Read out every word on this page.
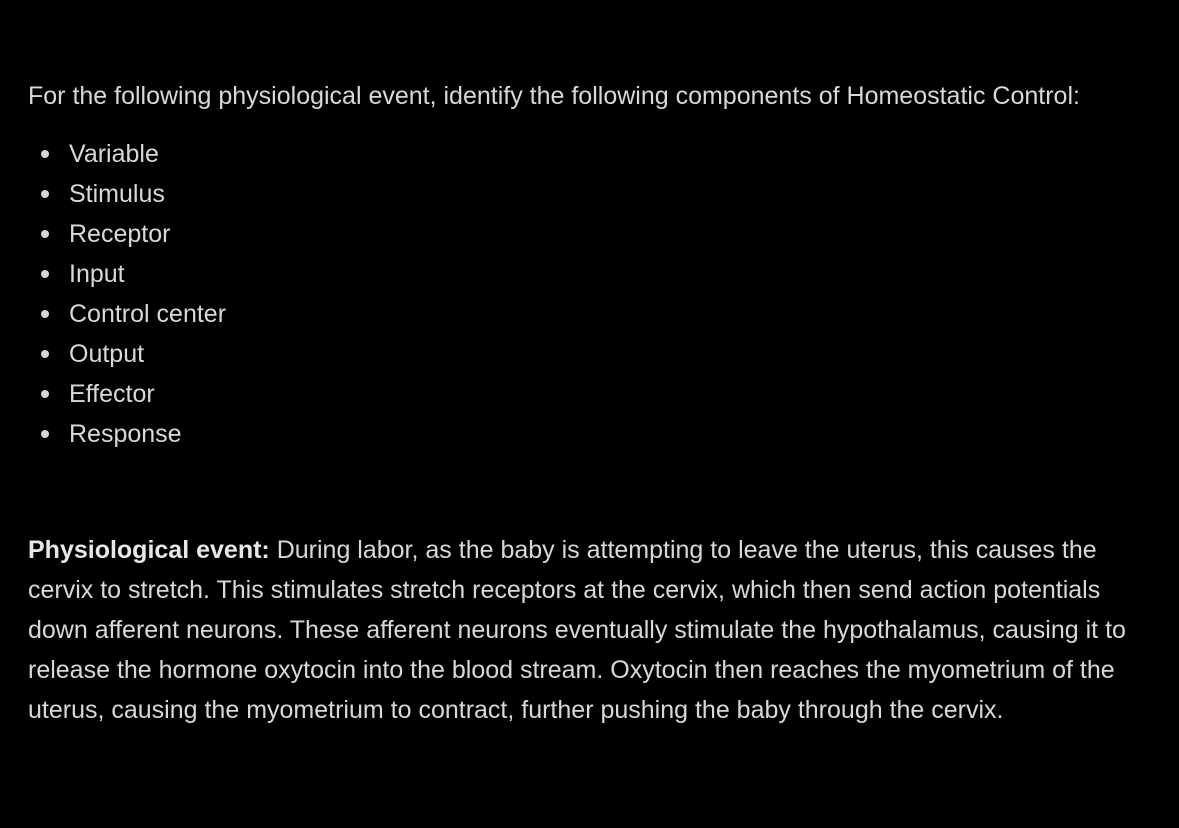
For the following physiological event, identify the following components of Homeostatic Control:

Variable
Stimulus
Receptor
Input
Control center
Output
Effector
Response

Physiological event: During labor, as the baby is attempting to leave the uterus, this causes the cervix to stretch. This stimulates stretch receptors at the cervix, which then send action potentials down afferent neurons. These afferent neurons eventually stimulate the hypothalamus, causing it to release the hormone oxytocin into the blood stream. Oxytocin then reaches the myometrium of the uterus, causing the myometrium to contract, further pushing the baby through the cervix.
